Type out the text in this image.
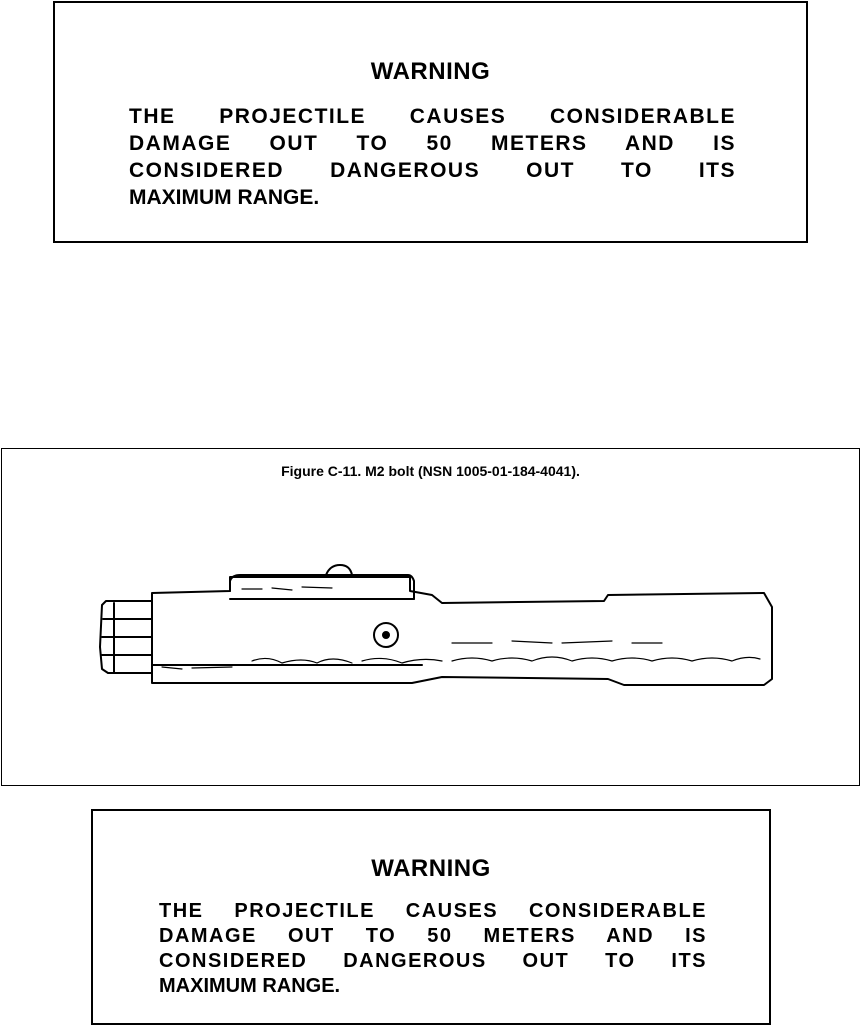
WARNING
THE PROJECTILE CAUSES CONSIDERABLE
DAMAGE OUT TO 50 METERS AND IS
CONSIDERED DANGEROUS OUT TO ITS
MAXIMUM RANGE.
Figure C-11. M2 bolt (NSN 1005-01-184-4041).
WARNING
THE PROJECTILE CAUSES CONSIDERABLE
DAMAGE OUT TO 50 METERS AND IS
CONSIDERED DANGEROUS OUT TO ITS
MAXIMUM RANGE.
